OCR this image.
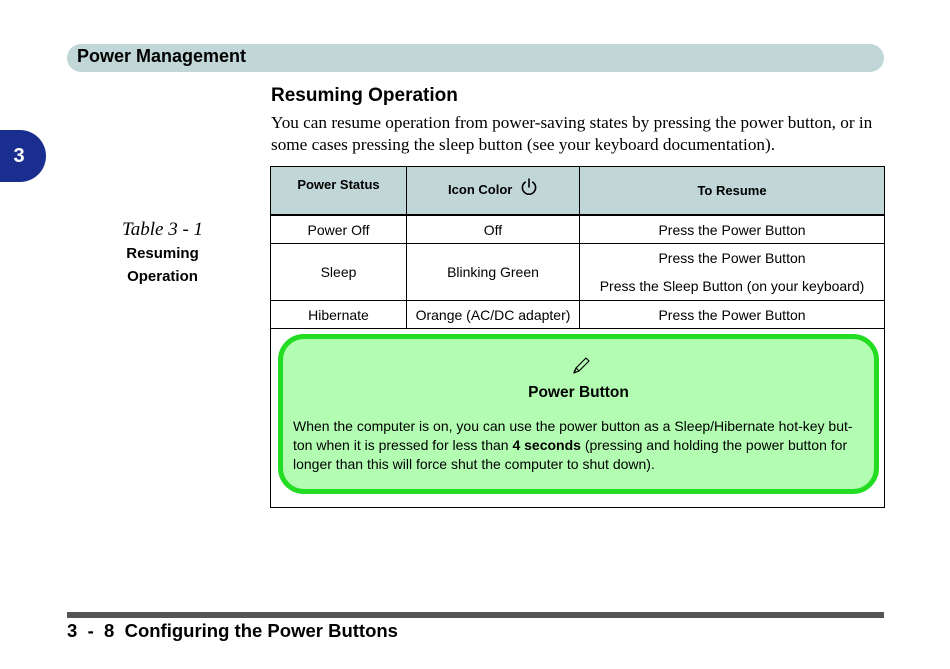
Power Management
3
Resuming Operation
You can resume operation from power-saving states by pressing the power button, or in some cases pressing the sleep button (see your keyboard documentation).
Table 3 - 1
Resuming
Operation
Power Status	Icon Color	To Resume
Power Off	Off	Press the Power Button
Sleep	Blinking Green	Press the Power Button
Press the Sleep Button (on your keyboard)

Hibernate	Orange (AC/DC adapter)	Press the Power Button
Power Button
When the computer is on, you can use the power button as a Sleep/Hibernate hot-key but-ton when it is pressed for less than 4 seconds (pressing and holding the power button for longer than this will force shut the computer to shut down).
3  -  8 Configuring the Power Buttons
